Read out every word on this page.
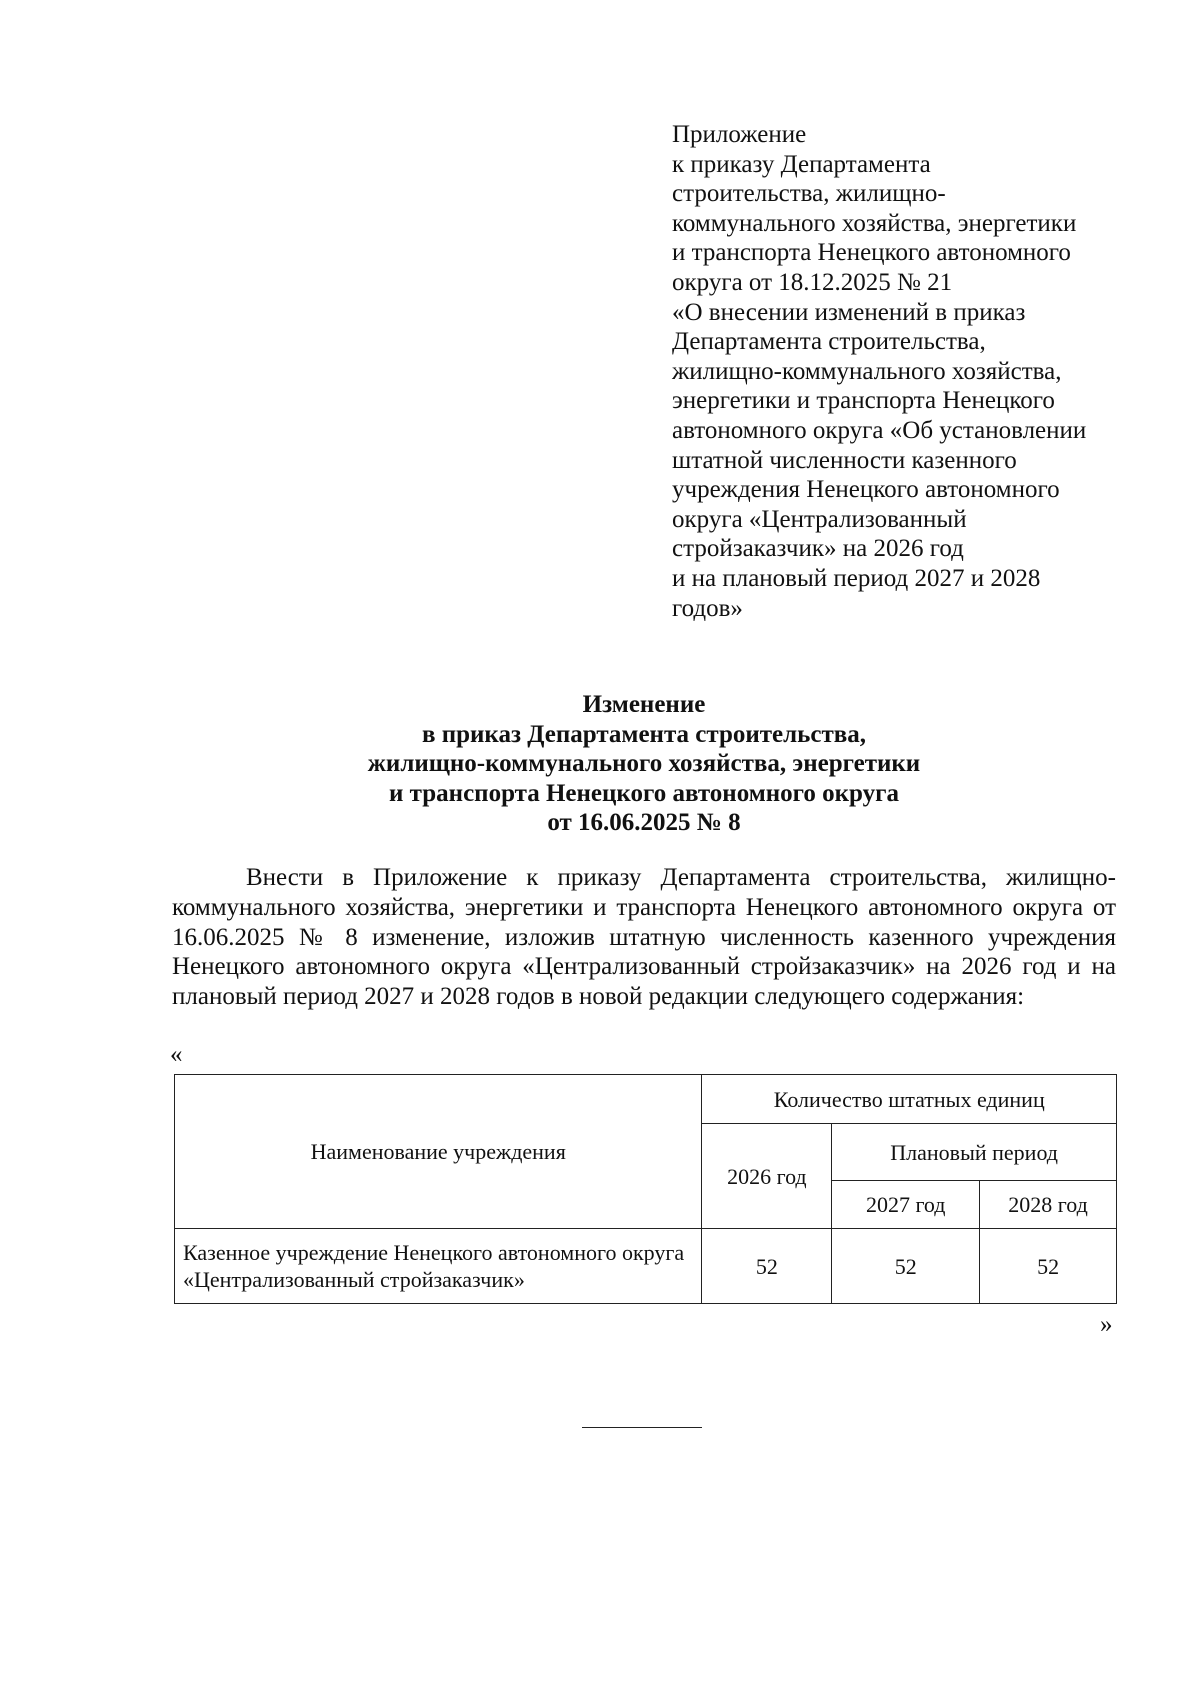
Приложение
к приказу Департамента
строительства, жилищно-
коммунального хозяйства, энергетики
и транспорта Ненецкого автономного
округа от 18.12.2025 № 21
«О внесении изменений в приказ
Департамента строительства,
жилищно-коммунального хозяйства,
энергетики и транспорта Ненецкого
автономного округа «Об установлении
штатной численности казенного
учреждения Ненецкого автономного
округа «Централизованный
стройзаказчик» на 2026 год
и на плановый период 2027 и 2028
годов»
Изменение
в приказ Департамента строительства,
жилищно-коммунального хозяйства, энергетики
и транспорта Ненецкого автономного округа
от 16.06.2025 № 8
Внести в Приложение к приказу Департамента строительства, жилищно-коммунального хозяйства, энергетики и транспорта Ненецкого автономного округа от 16.06.2025 № 8 изменение, изложив штатную численность казенного учреждения Ненецкого автономного округа «Централизованный стройзаказчик» на 2026 год и на плановый период 2027 и 2028 годов в новой редакции следующего содержания:
«
Наименование учреждения	Количество штатных единиц		
	2026 год	Плановый период	
		2027 год	2028 год
Казенное учреждение Ненецкого автономного округа «Централизованный стройзаказчик»	52	52	52
»
